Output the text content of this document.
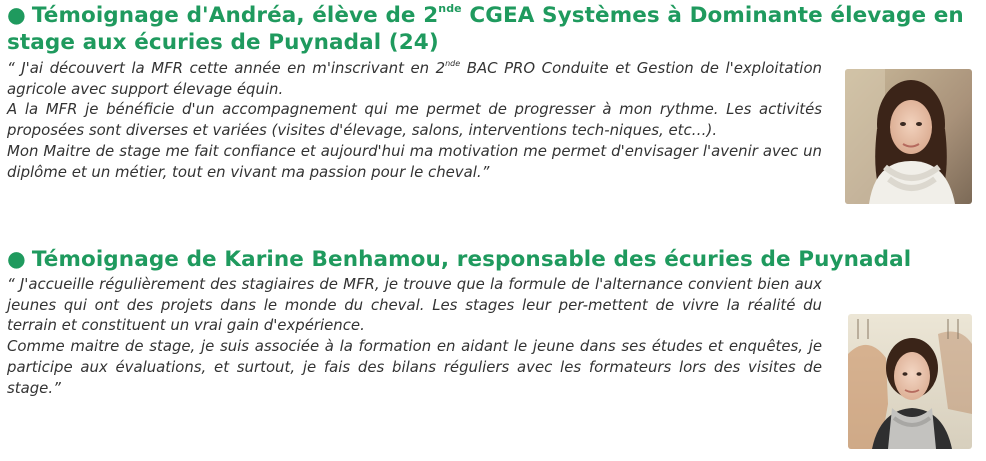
● Témoignage d'Andréa, élève de 2nde CGEA Systèmes à Dominante élevage en stage aux écuries de Puynadal (24)

“ J'ai découvert la MFR cette année en m'inscrivant en 2nde BAC PRO Conduite et Gestion de l'exploitation agricole avec support élevage équin.

A la MFR je bénéficie d'un accompagnement qui me permet de progresser à mon rythme. Les activités proposées sont diverses et variées (visites d'élevage, salons, interventions tech-niques, etc…).

Mon Maitre de stage me fait confiance et aujourd'hui ma motivation me permet d'envisager l'avenir avec un diplôme et un métier, tout en vivant ma passion pour le cheval.”

● Témoignage de Karine Benhamou, responsable des écuries de Puynadal

“ J'accueille régulièrement des stagiaires de MFR, je trouve que la formule de l'alternance convient bien aux jeunes qui ont des projets dans le monde du cheval. Les stages leur per-mettent de vivre la réalité du terrain et constituent un vrai gain d'expérience.

Comme maitre de stage, je suis associée à la formation en aidant le jeune dans ses études et enquêtes, je participe aux évaluations, et surtout, je fais des bilans réguliers avec les formateurs lors des visites de stage.”
